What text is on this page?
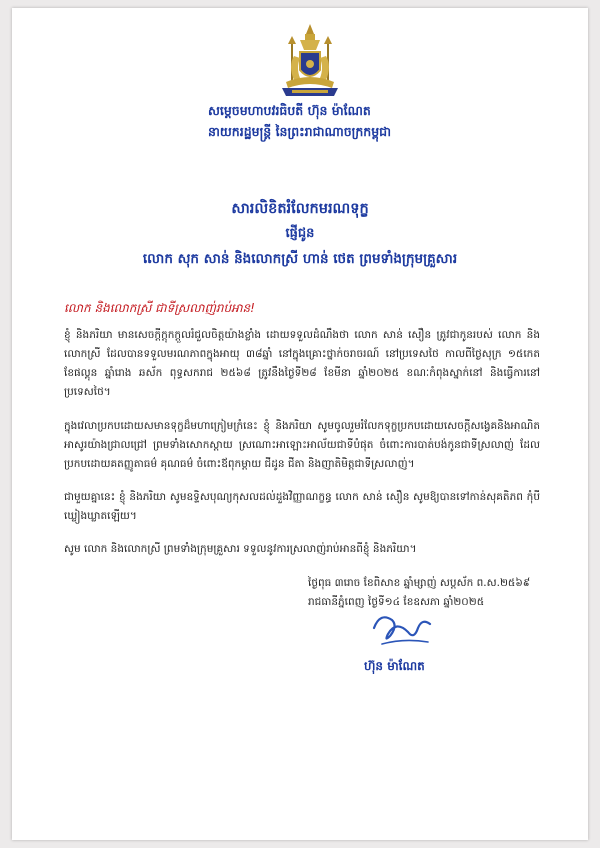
សម្តេចមហាបវរធិបតី ហ៊ុន ម៉ាណែត
នាយករដ្ឋមន្ត្រី នៃព្រះរាជាណាចក្រកម្ពុជា
សារលិខិតរំលែកមរណទុក្ខ
ផ្ញើជូន
លោក សុក សាន់ និងលោកស្រី ហាន់ ថេត ព្រមទាំងក្រុមគ្រួសារ
លោក និងលោកស្រី ជាទីស្រលាញ់រាប់អាន!
ខ្ញុំ និងភរិយា មានសេចក្តីក្តុកក្តួលរំជួលចិត្តយ៉ាងខ្លាំង ដោយទទួលដំណឹងថា លោក សាន់ សឿន ត្រូវជាកូនរបស់ លោក និងលោកស្រី ដែលបានទទួលមរណភាពក្នុងអាយុ ៣៨ឆ្នាំ នៅក្នុងគ្រោះថ្នាក់ចរាចរណ៍ នៅប្រទេសថៃ កាលពីថ្ងៃសុក្រ ១៥កេត ខែផល្គុន ឆ្នាំរោង ឆស័ក ពុទ្ធសករាជ ២៥៦៨ ត្រូវនឹងថ្ងៃទី២៨ ខែមីនា ឆ្នាំ២០២៥ ខណៈកំពុងស្នាក់នៅ និងធ្វើការនៅប្រទេសថៃ។
ក្នុងវេលាប្រកបដោយសមានទុក្ខដ៏មហាក្រៀមក្រំនេះ ខ្ញុំ និងភរិយា សូមចូលរួមរំលែកទុក្ខប្រកបដោយសេចក្តីសង្វេគនិងអាណិតអាសូរយ៉ាងជ្រាលជ្រៅ ព្រមទាំងសោកស្តាយ ស្រណោះអាឡោះអាល័យជាទីបំផុត ចំពោះការបាត់បង់កូនជាទីស្រលាញ់ ដែលប្រកបដោយគតញ្ញូតាធម៌ គុណធម៌ ចំពោះឪពុកម្តាយ ជីដូន ជីតា និងញាតិមិត្តជាទីស្រលាញ់។
ជាមួយគ្នានេះ ខ្ញុំ និងភរិយា សូមឧទ្ទិសបុណ្យកុសលដល់ដួងវិញ្ញាណក្ខន្ធ លោក សាន់ សឿន សូមឱ្យបានទៅកាន់សុគតិភព កុំបីឃ្លៀងឃ្លាតឡើយ។
សូម លោក និងលោកស្រី ព្រមទាំងក្រុមគ្រួសារ ទទួលនូវការស្រលាញ់រាប់អានពីខ្ញុំ និងភរិយា។
ថ្ងៃពុធ ៣រោច ខែពិសាខ ឆ្នាំម្សាញ់ សប្តស័ក ព.ស.២៥៦៩
រាជធានីភ្នំពេញ ថ្ងៃទី១៤ ខែឧសភា ឆ្នាំ២០២៥
ហ៊ុន ម៉ាណែត
